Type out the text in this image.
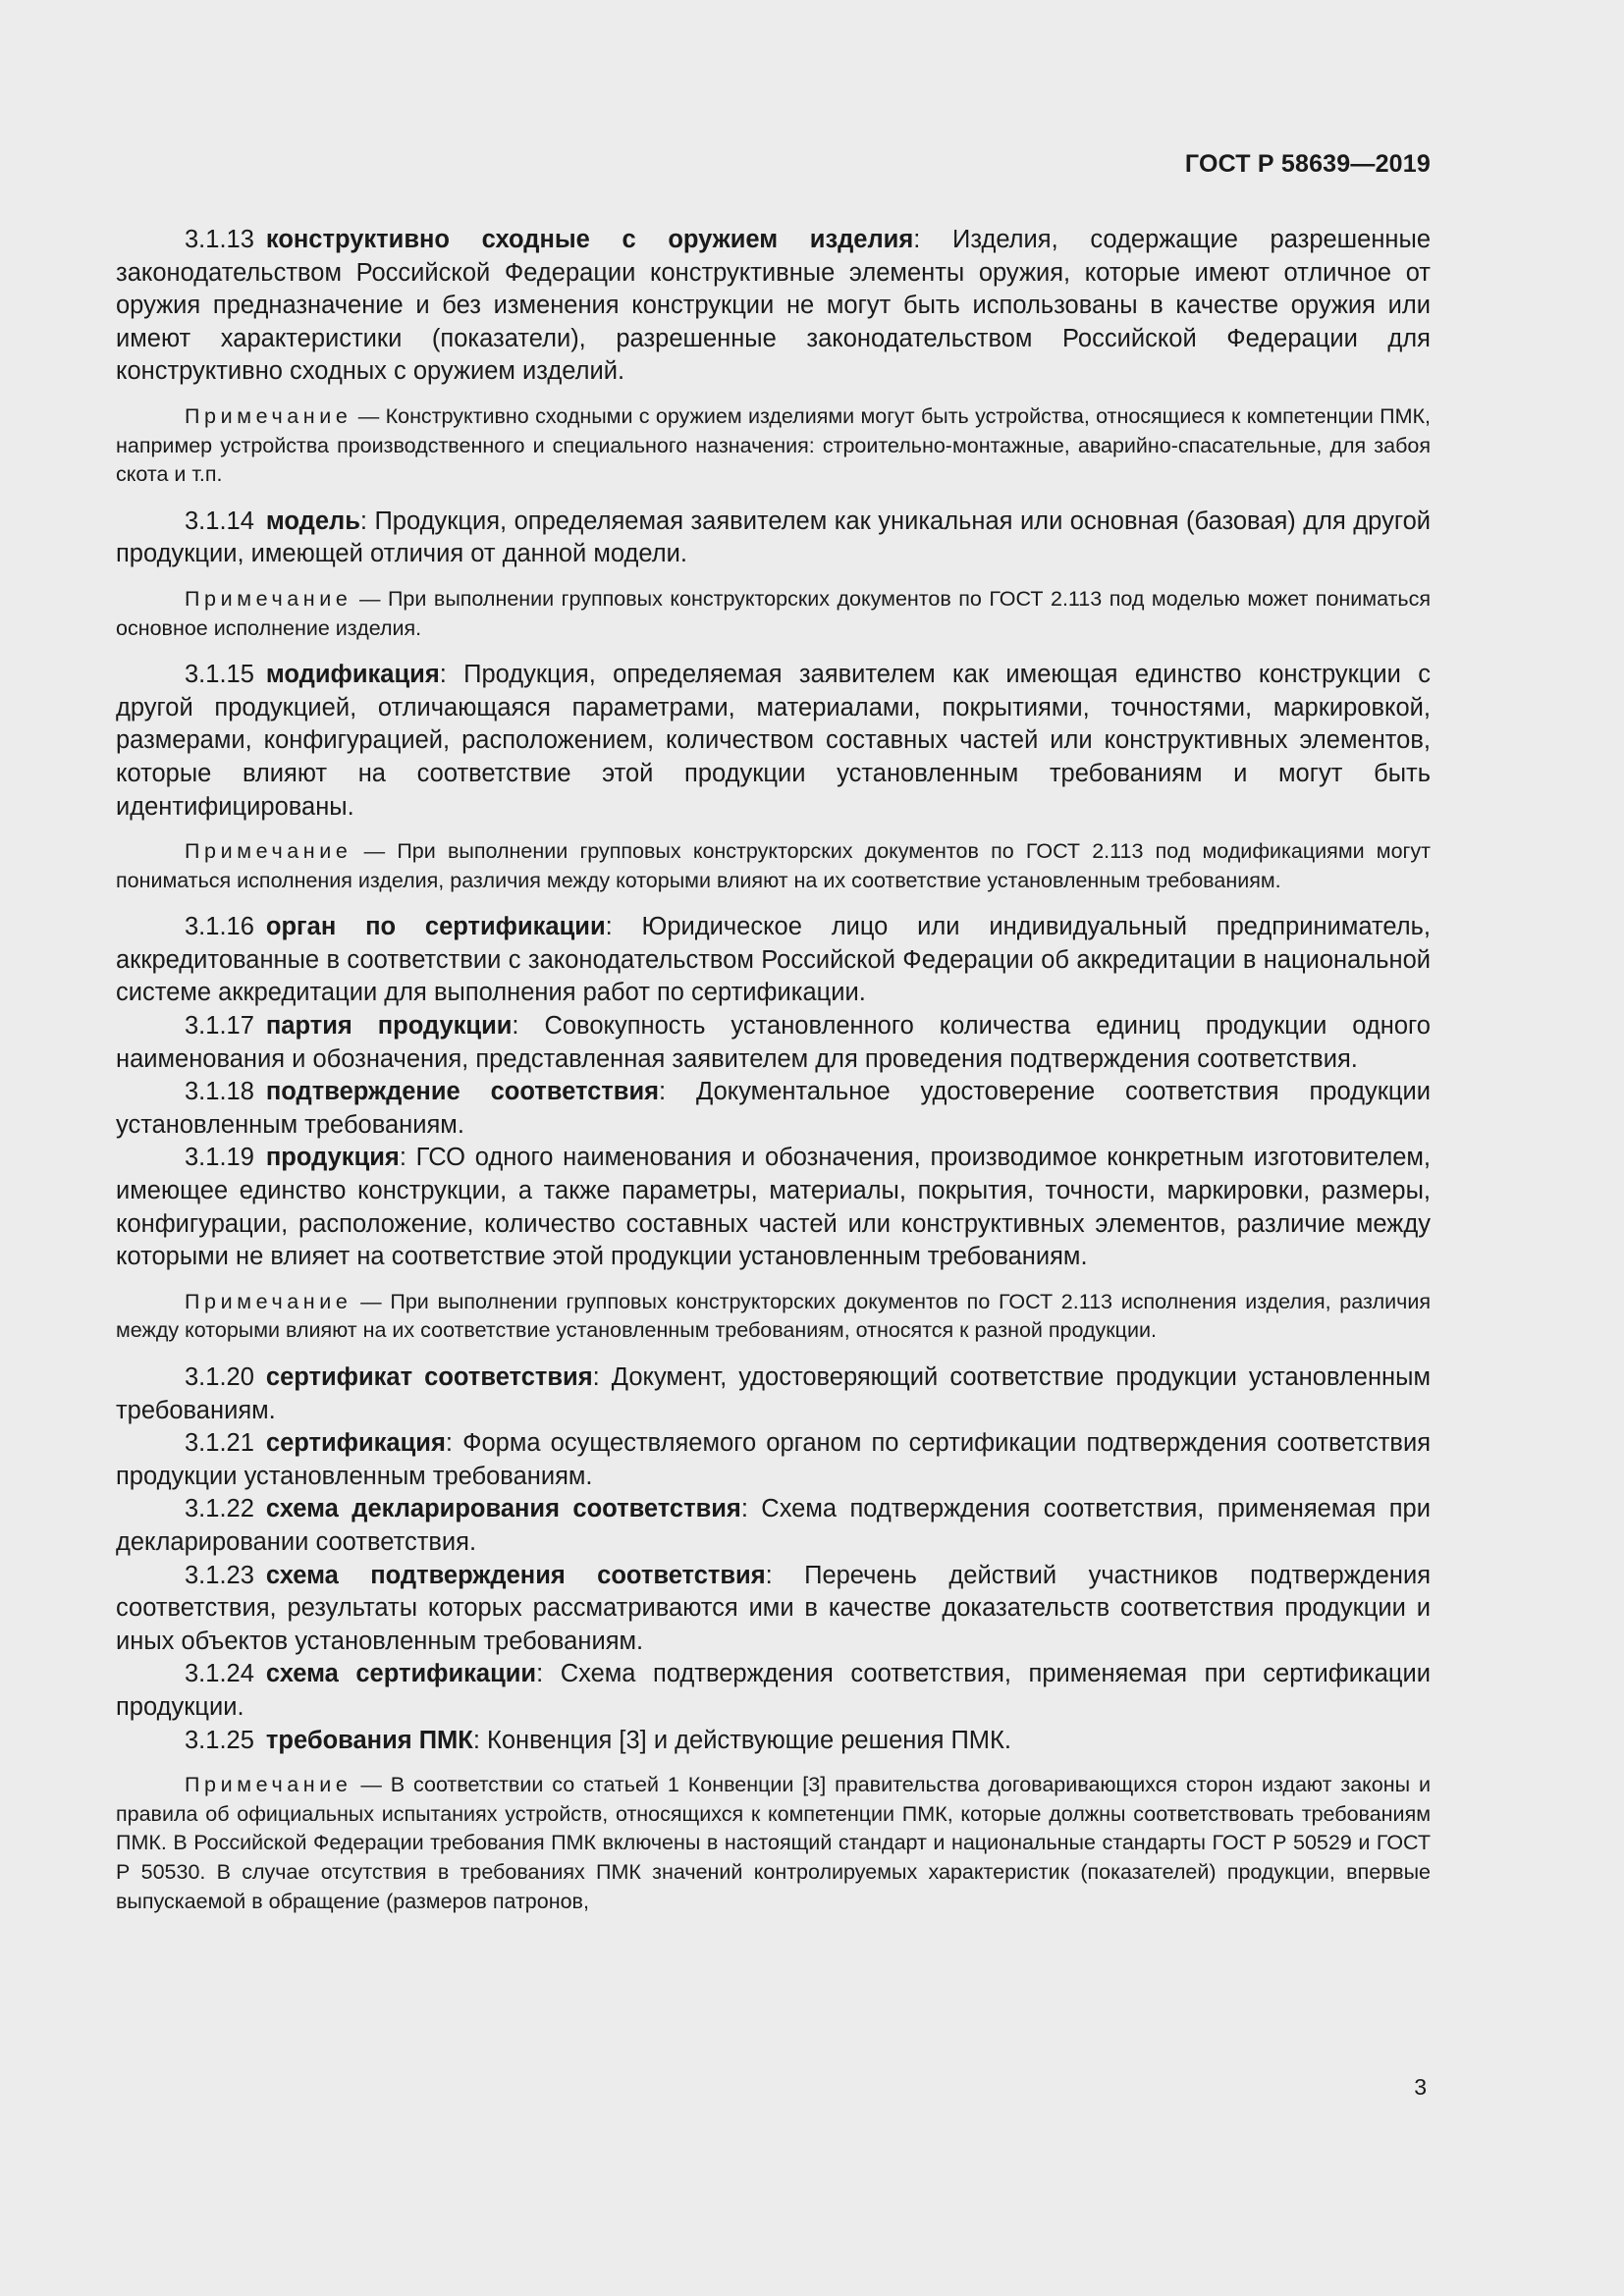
ГОСТ Р 58639—2019

3.1.13 конструктивно сходные с оружием изделия: Изделия, содержащие разрешенные законодательством Российской Федерации конструктивные элементы оружия, которые имеют отличное от оружия предназначение и без изменения конструкции не могут быть использованы в качестве оружия или имеют характеристики (показатели), разрешенные законодательством Российской Федерации для конструктивно сходных с оружием изделий.

Примечание — Конструктивно сходными с оружием изделиями могут быть устройства, относящиеся к компетенции ПМК, например устройства производственного и специального назначения: строительно-монтажные, аварийно-спасательные, для забоя скота и т.п.

3.1.14 модель: Продукция, определяемая заявителем как уникальная или основная (базовая) для другой продукции, имеющей отличия от данной модели.

Примечание — При выполнении групповых конструкторских документов по ГОСТ 2.113 под моделью может пониматься основное исполнение изделия.

3.1.15 модификация: Продукция, определяемая заявителем как имеющая единство конструкции с другой продукцией, отличающаяся параметрами, материалами, покрытиями, точностями, маркировкой, размерами, конфигурацией, расположением, количеством составных частей или конструктивных элементов, которые влияют на соответствие этой продукции установленным требованиям и могут быть идентифицированы.

Примечание — При выполнении групповых конструкторских документов по ГОСТ 2.113 под модификациями могут пониматься исполнения изделия, различия между которыми влияют на их соответствие установленным требованиям.

3.1.16 орган по сертификации: Юридическое лицо или индивидуальный предприниматель, аккредитованные в соответствии с законодательством Российской Федерации об аккредитации в национальной системе аккредитации для выполнения работ по сертификации.

3.1.17 партия продукции: Совокупность установленного количества единиц продукции одного наименования и обозначения, представленная заявителем для проведения подтверждения соответствия.

3.1.18 подтверждение соответствия: Документальное удостоверение соответствия продукции установленным требованиям.

3.1.19 продукция: ГСО одного наименования и обозначения, производимое конкретным изготовителем, имеющее единство конструкции, а также параметры, материалы, покрытия, точности, маркировки, размеры, конфигурации, расположение, количество составных частей или конструктивных элементов, различие между которыми не влияет на соответствие этой продукции установленным требованиям.

Примечание — При выполнении групповых конструкторских документов по ГОСТ 2.113 исполнения изделия, различия между которыми влияют на их соответствие установленным требованиям, относятся к разной продукции.

3.1.20 сертификат соответствия: Документ, удостоверяющий соответствие продукции установленным требованиям.

3.1.21 сертификация: Форма осуществляемого органом по сертификации подтверждения соответствия продукции установленным требованиям.

3.1.22 схема декларирования соответствия: Схема подтверждения соответствия, применяемая при декларировании соответствия.

3.1.23 схема подтверждения соответствия: Перечень действий участников подтверждения соответствия, результаты которых рассматриваются ими в качестве доказательств соответствия продукции и иных объектов установленным требованиям.

3.1.24 схема сертификации: Схема подтверждения соответствия, применяемая при сертификации продукции.

3.1.25 требования ПМК: Конвенция [3] и действующие решения ПМК.

Примечание — В соответствии со статьей 1 Конвенции [3] правительства договаривающихся сторон издают законы и правила об официальных испытаниях устройств, относящихся к компетенции ПМК, которые должны соответствовать требованиям ПМК. В Российской Федерации требования ПМК включены в настоящий стандарт и национальные стандарты ГОСТ Р 50529 и ГОСТ Р 50530. В случае отсутствия в требованиях ПМК значений контролируемых характеристик (показателей) продукции, впервые выпускаемой в обращение (размеров патронов,

3
